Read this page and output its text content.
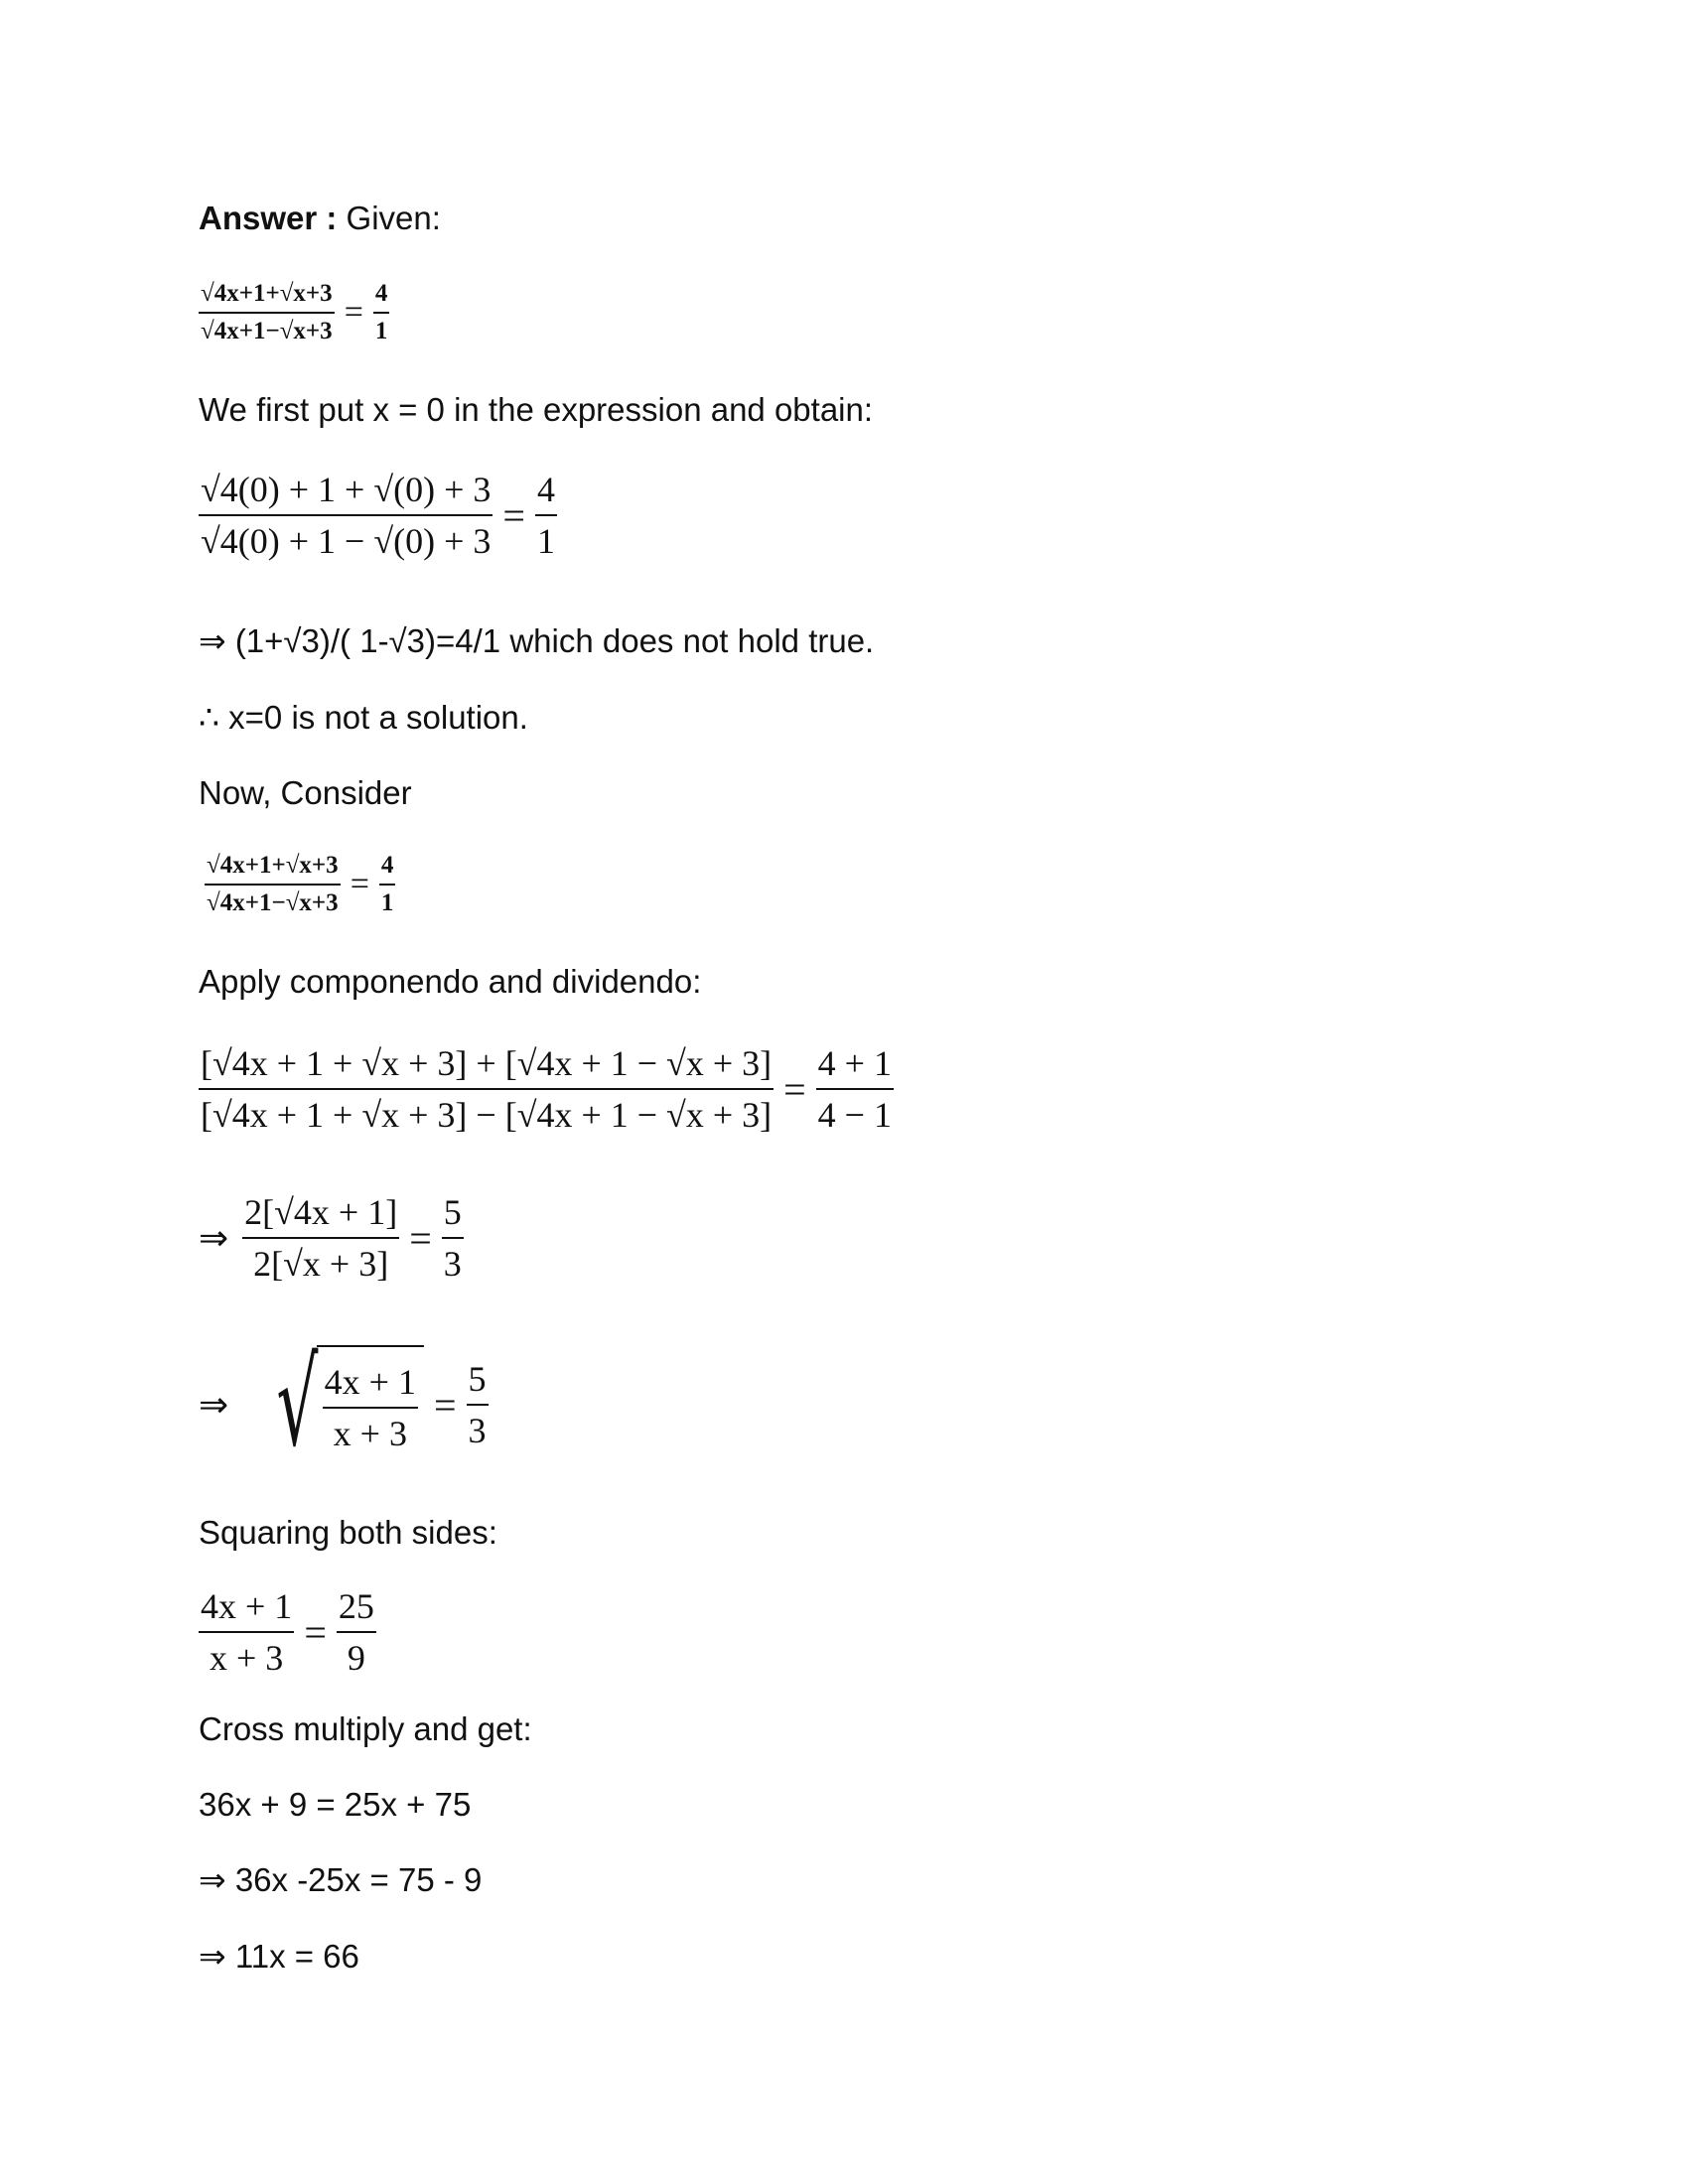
Answer : Given:
$\frac{√4x+1+√x+3}{√4x+1-√x+3} = \frac{4}{1}$
We first put x = 0 in the expression and obtain:
$\frac{√4(0) + 1 + √(0) + 3}{√4(0) + 1 - √(0) + 3} = \frac{4}{1}$
⇒ (1+√3)/( 1-√3)=4/1 which does not hold true.
∴ x=0 is not a solution.
Now, Consider
$\frac{√4x+1+√x+3}{√4x+1-√x+3} = \frac{4}{1}$
Apply componendo and dividendo:
$\frac{[√4x + 1 + √x + 3] + [√4x + 1 - √x + 3]}{[√4x + 1 + √x + 3] - [√4x + 1 - √x + 3]} = \frac{4 + 1}{4 - 1}$
⇒ $\frac{2[√4x + 1]}{2[√x + 3]} = \frac{5}{3}$
⇒ √ $\frac{4x + 1}{x + 3} = \frac{5}{3}$
Squaring both sides:
$\frac{4x + 1}{x + 3} = \frac{25}{9}$
Cross multiply and get:
36x + 9 = 25x + 75
⇒ 36x -25x = 75 - 9
⇒ 11x = 66
